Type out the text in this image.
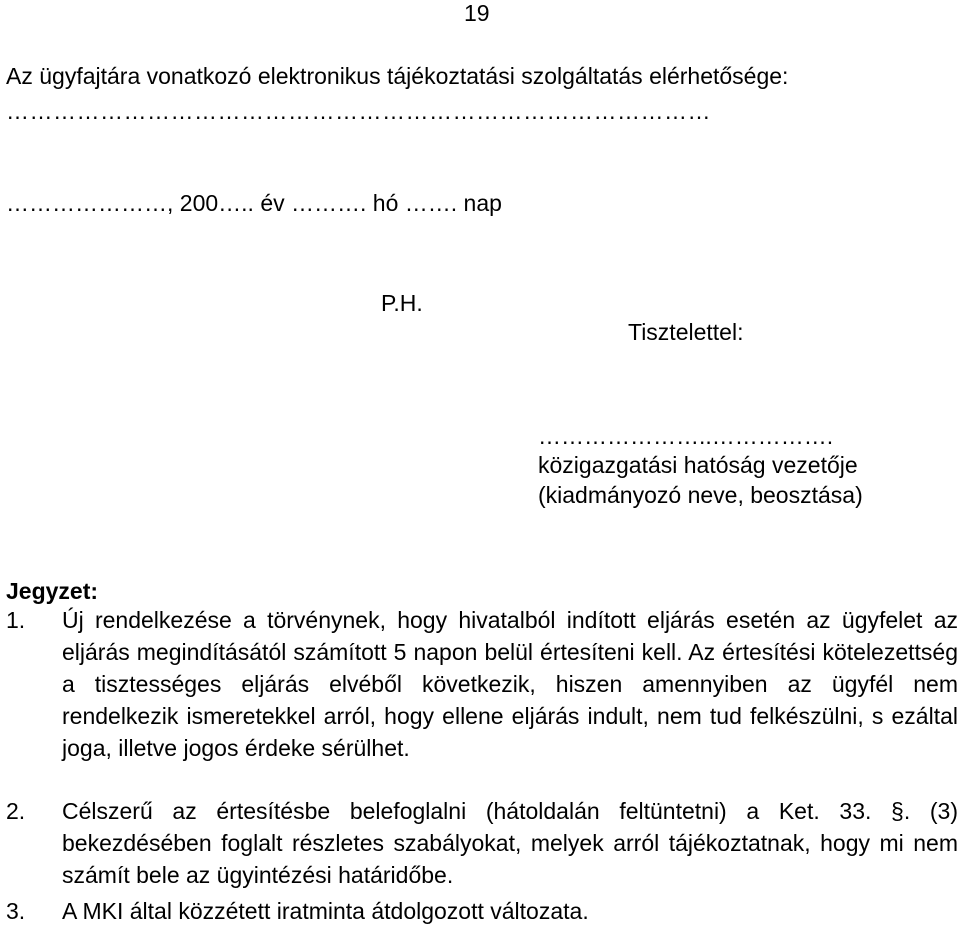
19
Az ügyfajtára vonatkozó elektronikus tájékoztatási szolgáltatás elérhetősége:
………………………………………………………………………………
…………………, 200….. év ………. hó ……. nap
P.H.
Tisztelettel:
…………………..…………….
közigazgatási hatóság vezetője
(kiadmányozó neve, beosztása)
Jegyzet:
1. Új rendelkezése a törvénynek, hogy hivatalból indított eljárás esetén az ügyfelet az eljárás megindításától számított 5 napon belül értesíteni kell. Az értesítési kötelezettség a tisztességes eljárás elvéből következik, hiszen amennyiben az ügyfél nem rendelkezik ismeretekkel arról, hogy ellene eljárás indult, nem tud felkészülni, s ezáltal joga, illetve jogos érdeke sérülhet.

2. Célszerű az értesítésbe belefoglalni (hátoldalán feltüntetni) a Ket. 33. §. (3) bekezdésében foglalt részletes szabályokat, melyek arról tájékoztatnak, hogy mi nem számít bele az ügyintézési határidőbe.

3. A MKI által közzétett iratminta átdolgozott változata.
